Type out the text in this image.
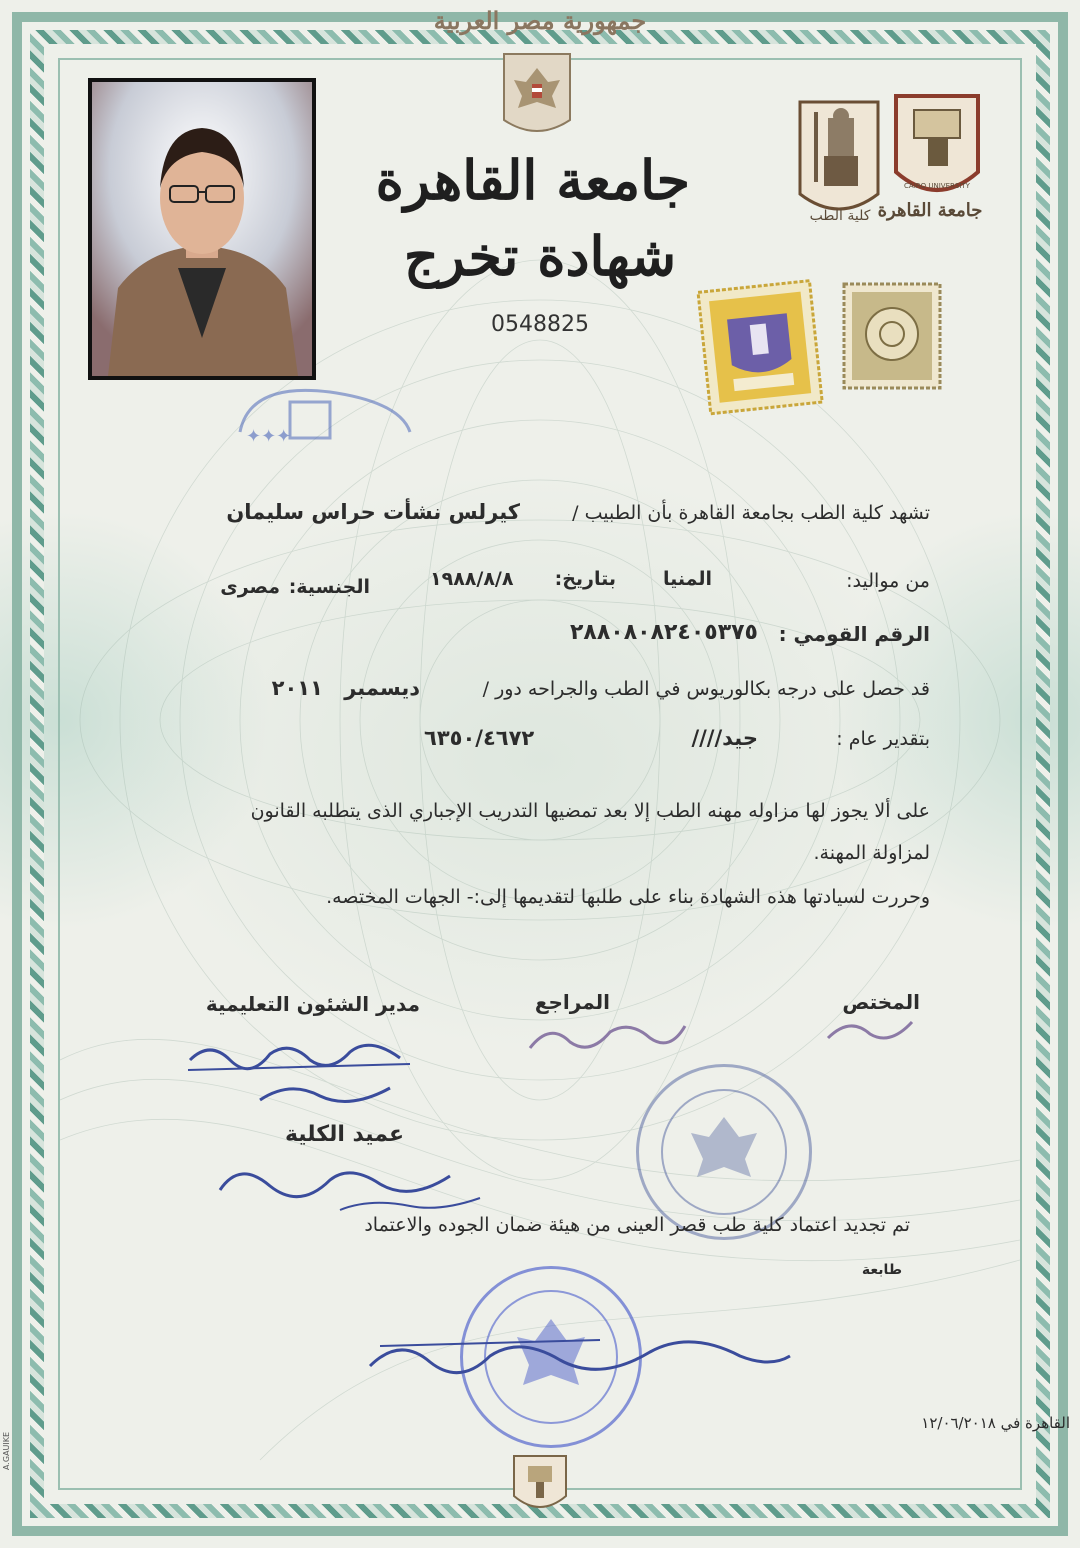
جمهورية مصر العربية
كلية الطب
CAIRO UNIVERSITY
جامعة القاهرة
جامعة القاهرة
شهادة تخرج
0548825
✦✦✦
تشهد كلية الطب بجامعة القاهرة بأن الطبيب /
كيرلس نشأت حراس سليمان
من مواليد:
المنيا
بتاريخ:
١٩٨٨/٨/٨
الجنسية:
مصرى
الرقم القومي :
٢٨٨٠٨٠٨٢٤٠٥٣٧٥
قد حصل على درجه بكالوريوس في الطب والجراحه دور /
ديسمبر ٢٠١١
بتقدير عام :
جيد////
٦٣٥٠/٤٦٧٢
على ألا يجوز لها مزاوله مهنه الطب إلا بعد تمضيها التدريب الإجباري الذى يتطلبه القانون
لمزاولة المهنة.
وحررت لسيادتها هذه الشهادة بناء على طلبها لتقديمها إلى:- الجهات المختصه.
المختص
المراجع
مدير الشئون التعليمية
عميد الكلية
تم تجديد اعتماد كلية طب قصر العينى من هيئة ضمان الجوده والاعتماد
طابعة
القاهرة في ١٢/٠٦/٢٠١٨
A.GAUIKE
